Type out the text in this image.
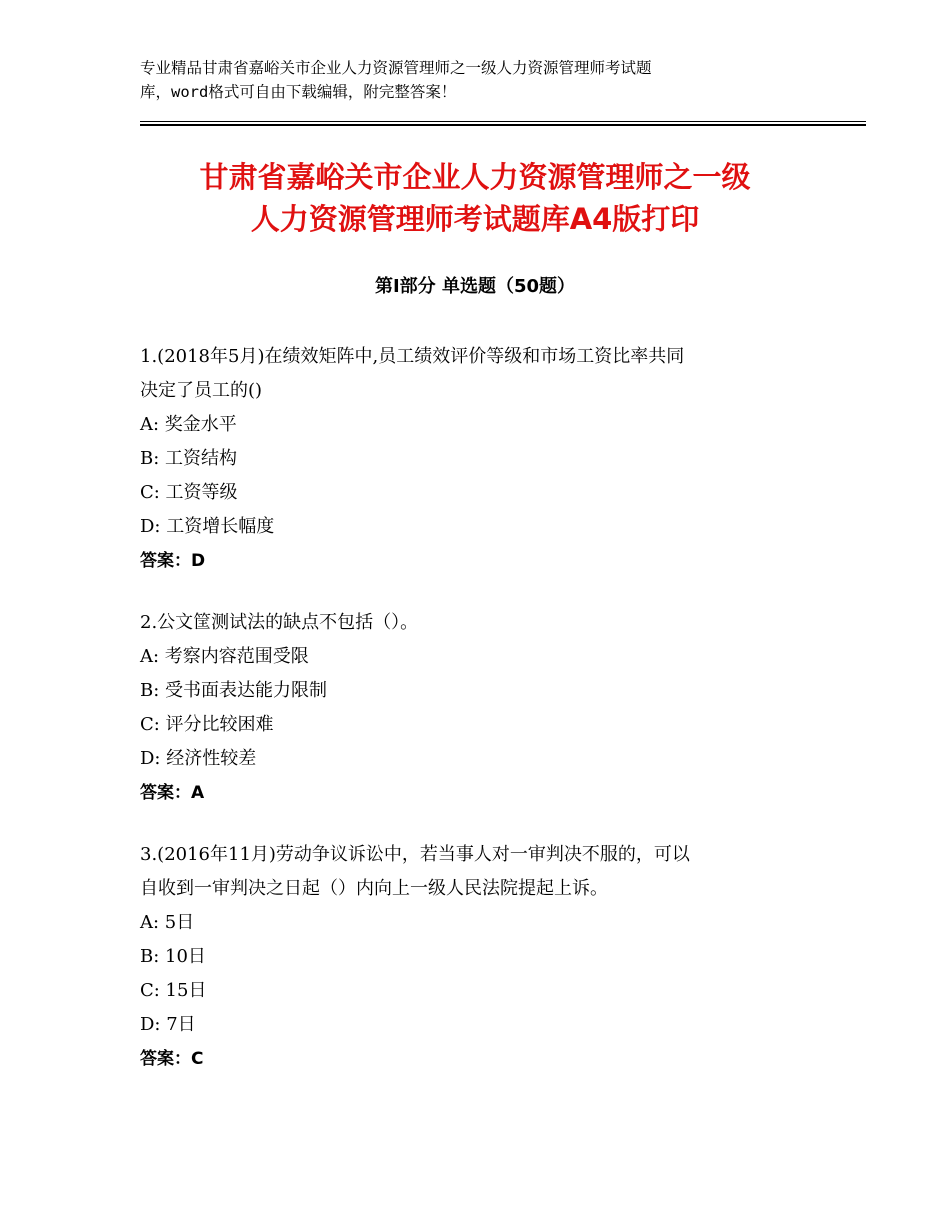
专业精品甘肃省嘉峪关市企业人力资源管理师之一级人力资源管理师考试题
库，word格式可自由下载编辑，附完整答案！
甘肃省嘉峪关市企业人力资源管理师之一级
人力资源管理师考试题库A4版打印
第Ⅰ部分 单选题（50题）
1.(2018年5月)在绩效矩阵中,员工绩效评价等级和市场工资比率共同
决定了员工的()
A: 奖金水平
B: 工资结构
C: 工资等级
D: 工资增长幅度
答案：D
2.公文筐测试法的缺点不包括（）。
A: 考察内容范围受限
B: 受书面表达能力限制
C: 评分比较困难
D: 经济性较差
答案：A
3.(2016年11月)劳动争议诉讼中，若当事人对一审判决不服的，可以
自收到一审判决之日起（）内向上一级人民法院提起上诉。
A: 5日
B: 10日
C: 15日
D: 7日
答案：C
